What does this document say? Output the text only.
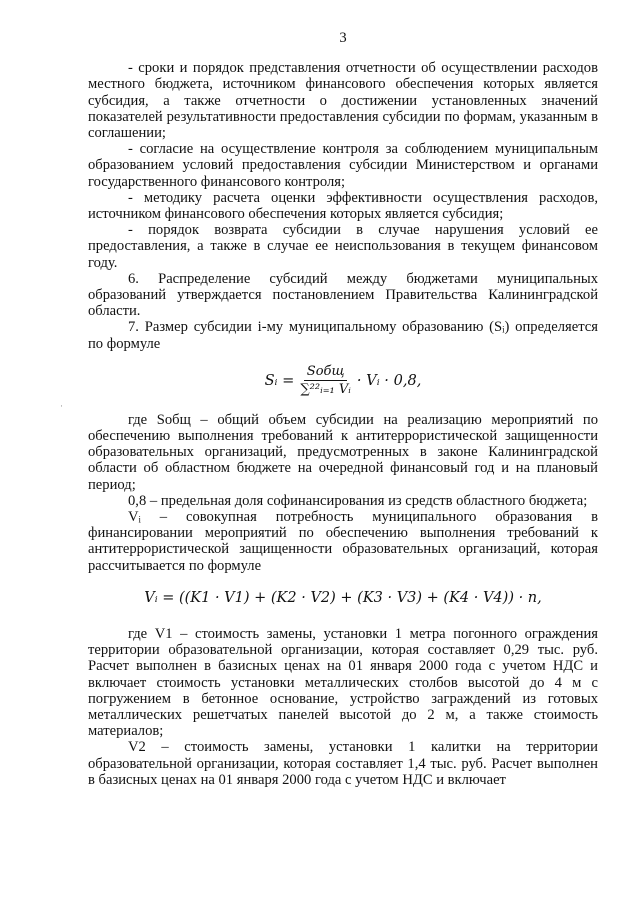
3

- сроки и порядок представления отчетности об осуществлении расходов местного бюджета, источником финансового обеспечения которых является субсидия, а также отчетности о достижении установленных значений показателей результативности предоставления субсидии по формам, указанным в соглашении;

- согласие на осуществление контроля за соблюдением муниципальным образованием условий предоставления субсидии Министерством и органами государственного финансового контроля;

- методику расчета оценки эффективности осуществления расходов, источником финансового обеспечения которых является субсидия;

- порядок возврата субсидии в случае нарушения условий ее предоставления, а также в случае ее неиспользования в текущем финансовом году.

6. Распределение субсидий между бюджетами муниципальных образований утверждается постановлением Правительства Калининградской области.

7. Размер субсидии i-му муниципальному образованию (Sᵢ) определяется по формуле

Sᵢ = $\frac{\text{Sобщ}}{\text{∑²²ᵢ₌₁ Vᵢ}}$ · Vᵢ · 0,8,

где Sобщ – общий объем субсидии на реализацию мероприятий по обеспечению выполнения требований к антитеррористической защищенности образовательных организаций, предусмотренных в законе Калининградской области об областном бюджете на очередной финансовый год и на плановый период;

0,8 – предельная доля софинансирования из средств областного бюджета;

Vᵢ – совокупная потребность муниципального образования в финансировании мероприятий по обеспечению выполнения требований к антитеррористической защищенности образовательных организаций, которая рассчитывается по формуле

Vᵢ = ((K1 · V1) + (K2 · V2) + (K3 · V3) + (K4 · V4)) · n,

где V1 – стоимость замены, установки 1 метра погонного ограждения территории образовательной организации, которая составляет 0,29 тыс. руб. Расчет выполнен в базисных ценах на 01 января 2000 года с учетом НДС и включает стоимость установки металлических столбов высотой до 4 м с погружением в бетонное основание, устройство заграждений из готовых металлических решетчатых панелей высотой до 2 м, а также стоимость материалов;

V2 – стоимость замены, установки 1 калитки на территории образовательной организации, которая составляет 1,4 тыс. руб. Расчет выполнен в базисных ценах на 01 января 2000 года с учетом НДС и включает

·
